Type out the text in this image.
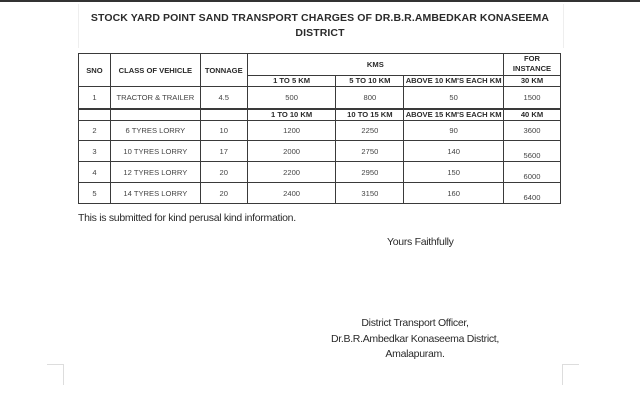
STOCK YARD POINT SAND TRANSPORT CHARGES OF DR.B.R.AMBEDKAR KONASEEMA
DISTRICT
SNO	CLASS OF VEHICLE	TONNAGE	KMS			FOR
INSTANCE

			1 TO 5 KM	5 TO 10 KM	ABOVE 10 KM'S EACH KM	30 KM
1	TRACTOR & TRAILER	4.5	500	800	50	1500
			1 TO 10 KM	10 TO 15 KM	ABOVE 15 KM'S EACH KM	40 KM
2	6 TYRES LORRY	10	1200	2250	90	3600
3	10 TYRES LORRY	17	2000	2750	140	5600
4	12 TYRES LORRY	20	2200	2950	150	6000
5	14 TYRES LORRY	20	2400	3150	160	6400
This is submitted for kind perusal kind information.
Yours Faithfully
District Transport Officer,
Dr.B.R.Ambedkar Konaseema District,
Amalapuram.
